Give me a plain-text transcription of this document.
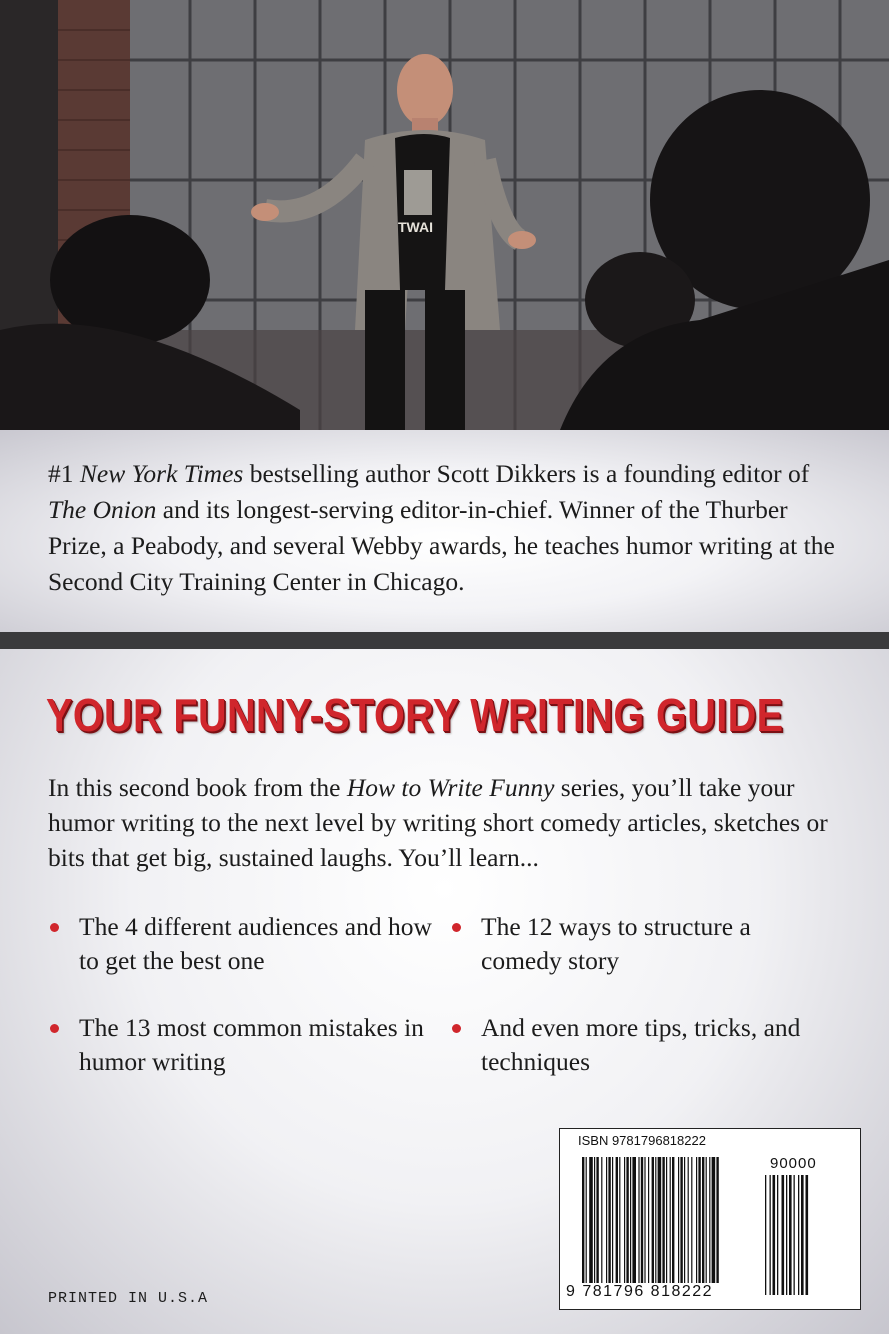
TWAI

#1 New York Times bestselling author Scott Dikkers is a founding editor of The Onion and its longest-serving editor-in-chief. Winner of the Thurber Prize, a Peabody, and several Webby awards, he teaches humor writing at the Second City Training Center in Chicago.

YOUR FUNNY-STORY WRITING GUIDE

In this second book from the How to Write Funny series, you’ll take your humor writing to the next level by writing short comedy articles, sketches or bits that get big, sustained laughs. You’ll learn...

The 4 different audiences and how to get the best one
The 12 ways to structure a comedy story
The 13 most common mistakes in humor writing
And even more tips, tricks, and techniques

PRINTED IN U.S.A

ISBN 9781796818222

90000

9 781796 818222
